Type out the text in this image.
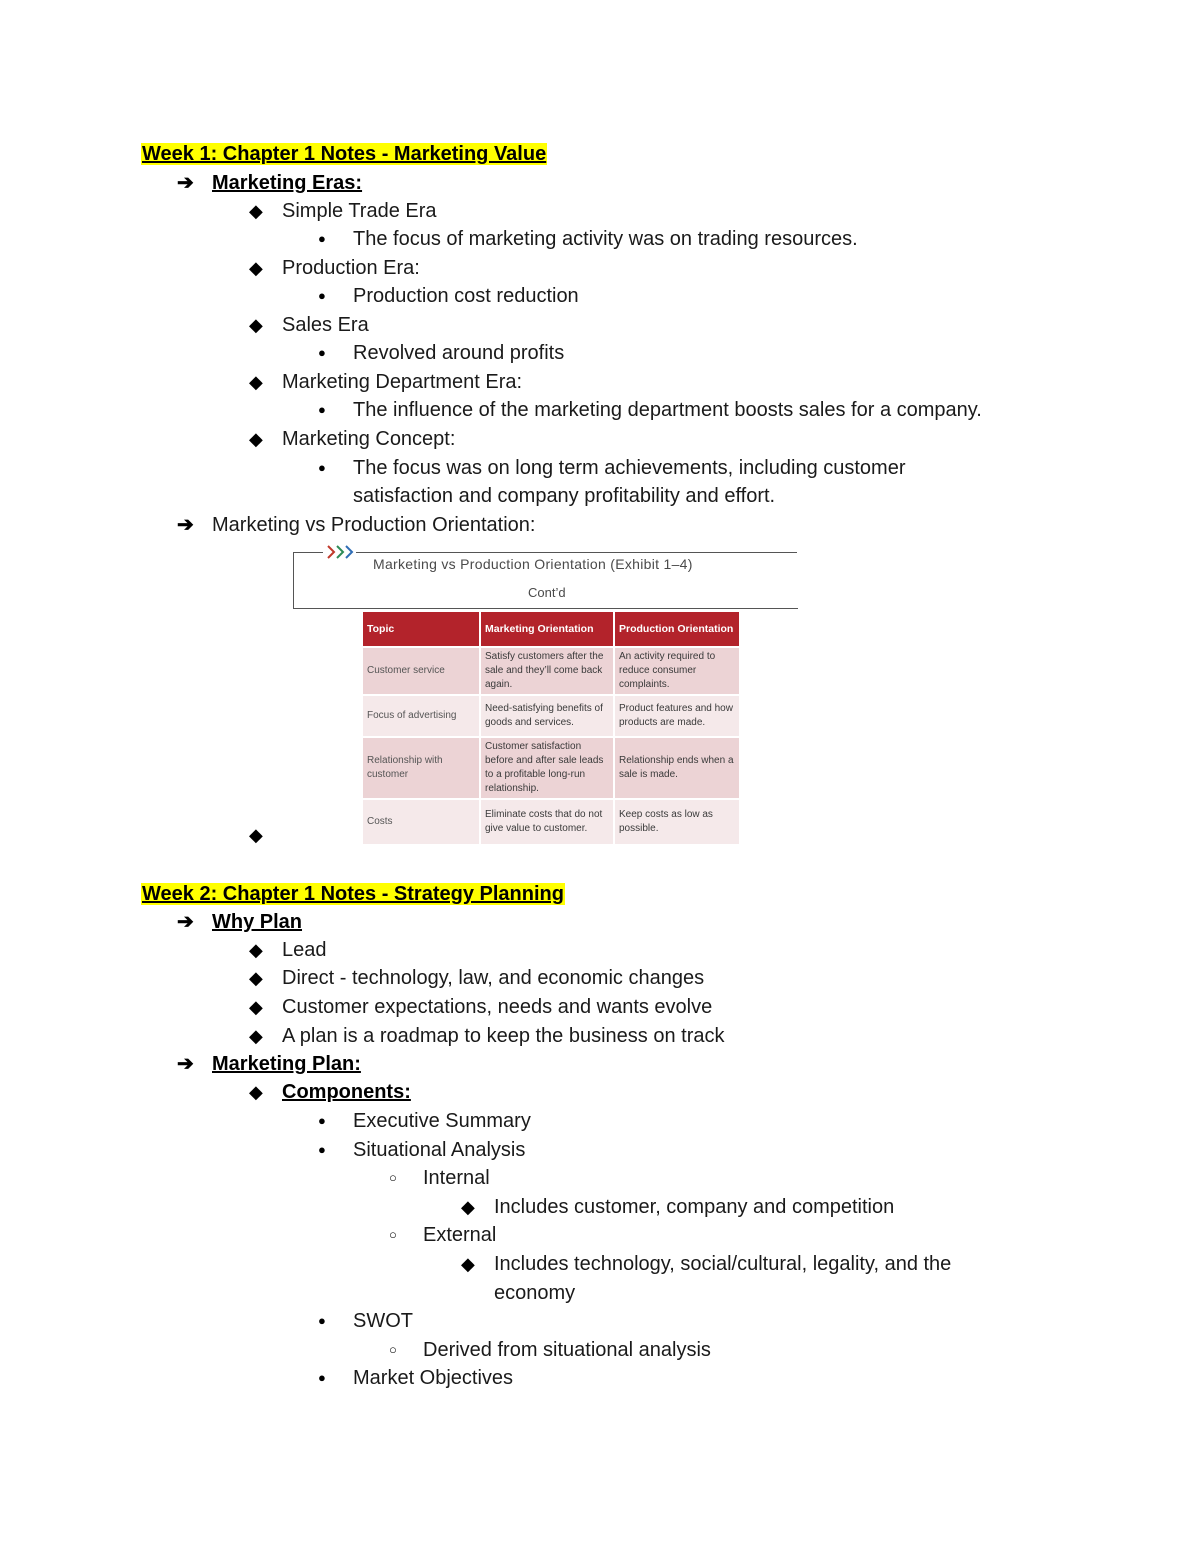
Week 1: Chapter 1 Notes - Marketing Value
➔ Marketing Eras:
◆ Simple Trade Era
● The focus of marketing activity was on trading resources.
◆ Production Era:
● Production cost reduction
◆ Sales Era
● Revolved around profits
◆ Marketing Department Era:
● The influence of the marketing department boosts sales for a company.
◆ Marketing Concept:
● The focus was on long term achievements, including customer
satisfaction and company profitability and effort.
➔ Marketing vs Production Orientation:
Marketing vs Production Orientation (Exhibit 1–4)
Cont’d
Topic	Marketing Orientation	Production Orientation
Customer service	Satisfy customers after the sale and they’ll come back again.	An activity required to reduce consumer complaints.
Focus of advertising	Need-satisfying benefits of goods and services.	Product features and how products are made.
Relationship with customer	Customer satisfaction before and after sale leads to a profitable long-run relationship.	Relationship ends when a sale is made.
Costs	Eliminate costs that do not give value to customer.	Keep costs as low as possible.
◆
Week 2: Chapter 1 Notes - Strategy Planning
➔ Why Plan
◆ Lead
◆ Direct - technology, law, and economic changes
◆ Customer expectations, needs and wants evolve
◆ A plan is a roadmap to keep the business on track
➔ Marketing Plan:
◆ Components:
● Executive Summary
● Situational Analysis
○ Internal
◆ Includes customer, company and competition
○ External
◆ Includes technology, social/cultural, legality, and the
economy
● SWOT
○ Derived from situational analysis
● Market Objectives
